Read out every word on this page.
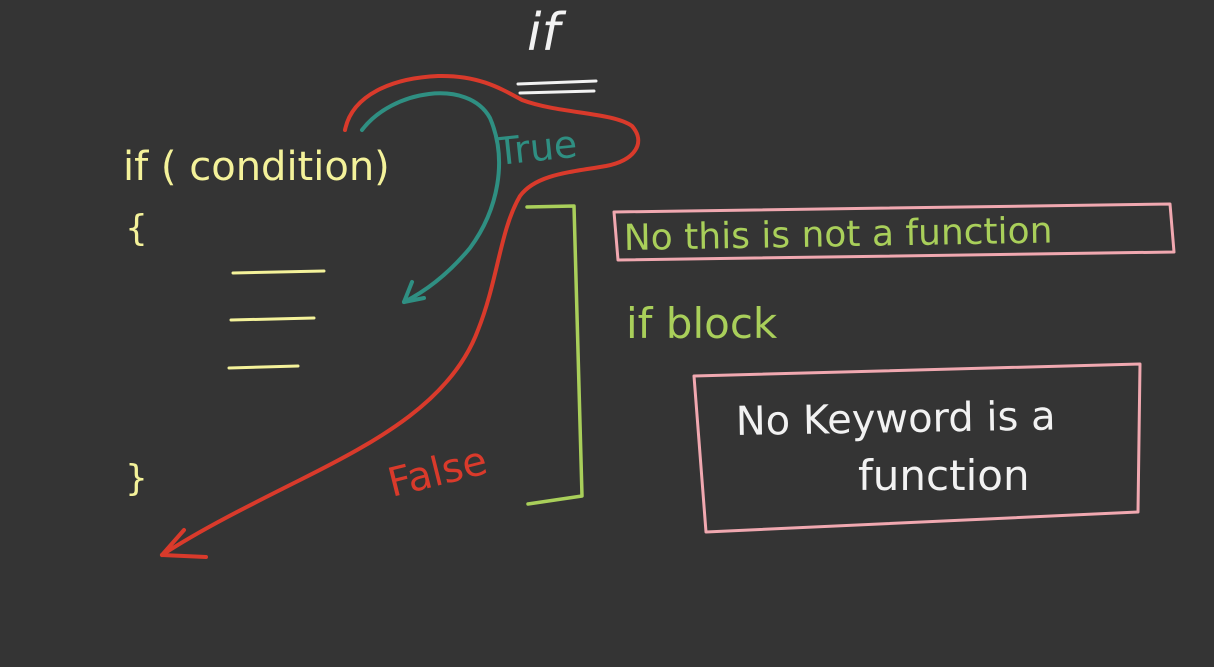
if
if ( condition)
{
}
True
False
No this is not a function
if block
No Keyword is a
function
